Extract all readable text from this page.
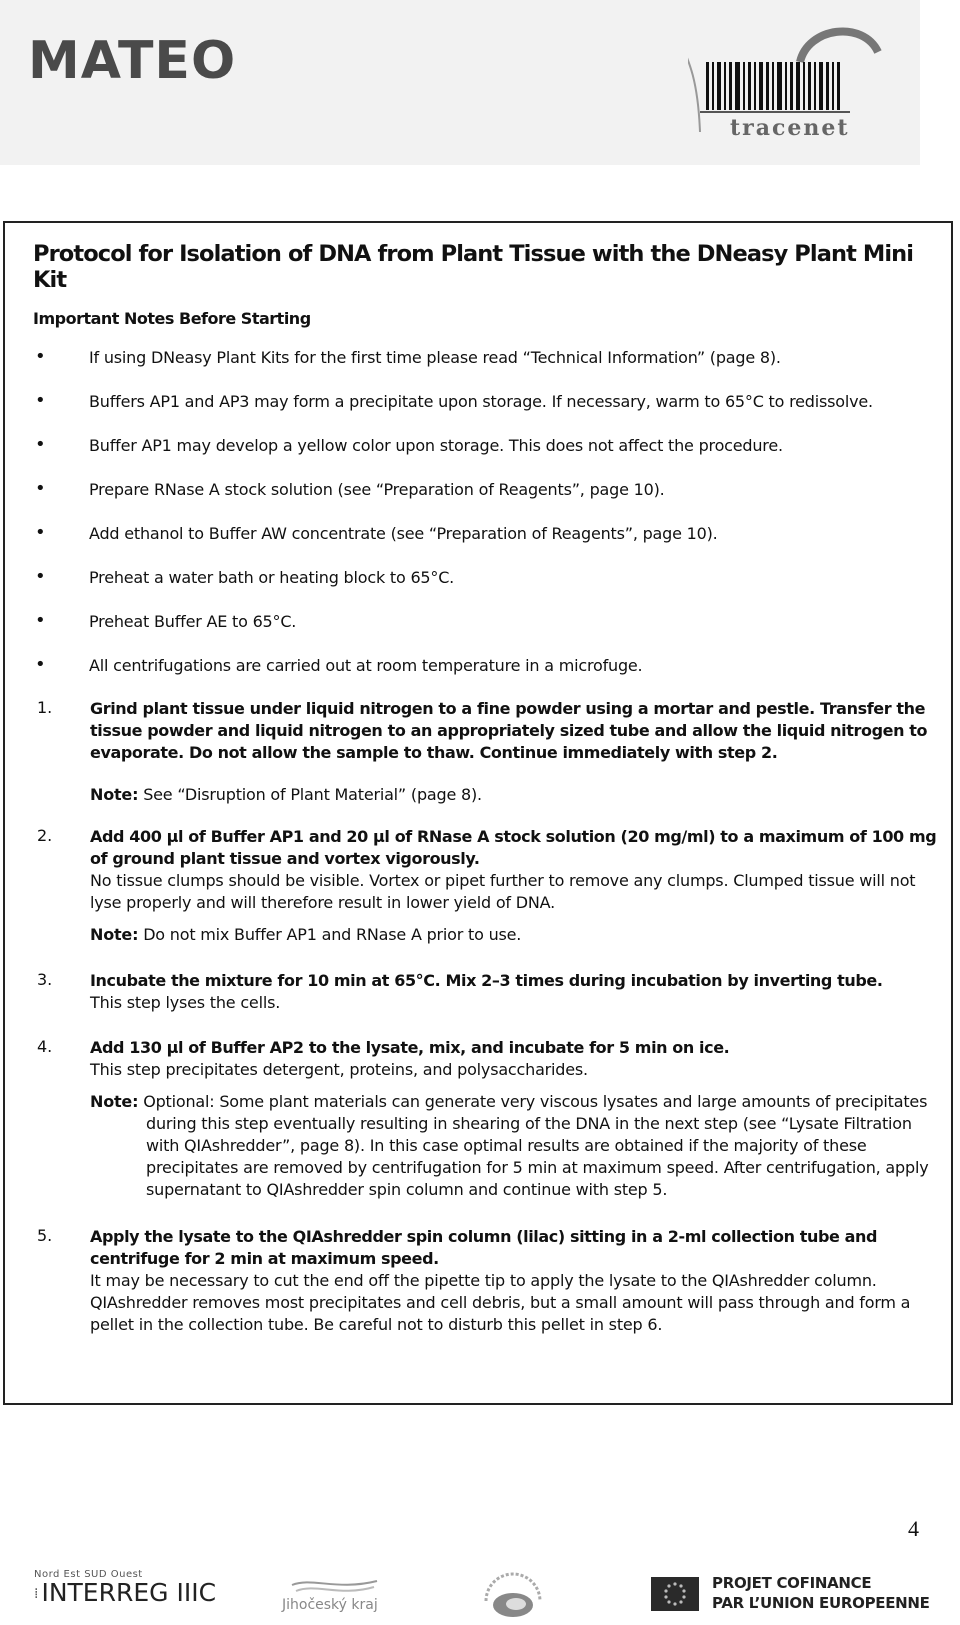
MATEO
tracenet
Protocol for Isolation of DNA from Plant Tissue with the DNeasy Plant Mini Kit
Important Notes Before Starting
•	If using DNeasy Plant Kits for the first time please read “Technical Information” (page 8).
•	Buffers AP1 and AP3 may form a precipitate upon storage. If necessary, warm to 65°C to redissolve.
•	Buffer AP1 may develop a yellow color upon storage. This does not affect the procedure.
•	Prepare RNase A stock solution (see “Preparation of Reagents”, page 10).
•	Add ethanol to Buffer AW concentrate (see “Preparation of Reagents”, page 10).
•	Preheat a water bath or heating block to 65°C.
•	Preheat Buffer AE to 65°C.
•	All centrifugations are carried out at room temperature in a microfuge.
1. Grind plant tissue under liquid nitrogen to a fine powder using a mortar and pestle. Transfer the tissue powder and liquid nitrogen to an appropriately sized tube and allow the liquid nitrogen to evaporate. Do not allow the sample to thaw. Continue immediately with step 2.
Note: See “Disruption of Plant Material” (page 8).
2. Add 400 µl of Buffer AP1 and 20 µl of RNase A stock solution (20 mg/ml) to a maximum of 100 mg of ground plant tissue and vortex vigorously.
No tissue clumps should be visible. Vortex or pipet further to remove any clumps. Clumped tissue will not lyse properly and will therefore result in lower yield of DNA.
Note: Do not mix Buffer AP1 and RNase A prior to use.
3. Incubate the mixture for 10 min at 65°C. Mix 2–3 times during incubation by inverting tube.
This step lyses the cells.
4. Add 130 µl of Buffer AP2 to the lysate, mix, and incubate for 5 min on ice.
This step precipitates detergent, proteins, and polysaccharides.
Note: Optional: Some plant materials can generate very viscous lysates and large amounts of precipitates during this step eventually resulting in shearing of the DNA in the next step (see “Lysate Filtration with QIAshredder”, page 8). In this case optimal results are obtained if the majority of these precipitates are removed by centrifugation for 5 min at maximum speed. After centrifugation, apply supernatant to QIAshredder spin column and continue with step 5.
5. Apply the lysate to the QIAshredder spin column (lilac) sitting in a 2-ml collection tube and centrifuge for 2 min at maximum speed.
It may be necessary to cut the end off the pipette tip to apply the lysate to the QIAshredder column. QIAshredder removes most precipitates and cell debris, but a small amount will pass through and form a pellet in the collection tube. Be careful not to disturb this pellet in step 6.
4
Nord Est SUD Ouest
⁞ INTERREG IIIC	Jihočeský kraj
PROJET COFINANCE
PAR L’UNION EUROPEENNE
